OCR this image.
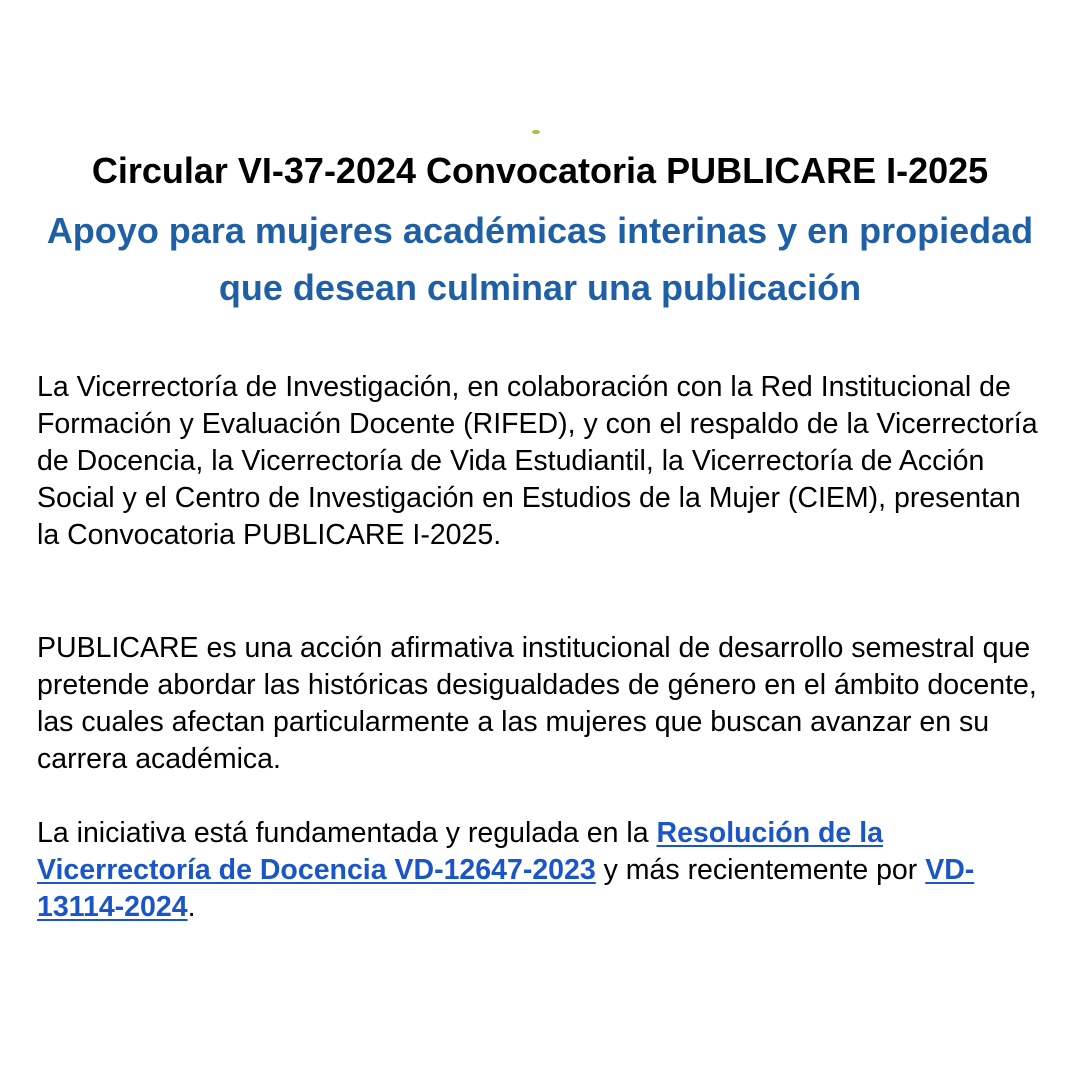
Circular VI-37-2024 Convocatoria PUBLICARE I-2025
Apoyo para mujeres académicas interinas y en propiedad que desean culminar una publicación

La Vicerrectoría de Investigación, en colaboración con la Red Institucional de Formación y Evaluación Docente (RIFED), y con el respaldo de la Vicerrectoría de Docencia, la Vicerrectoría de Vida Estudiantil, la Vicerrectoría de Acción Social y el Centro de Investigación en Estudios de la Mujer (CIEM), presentan la Convocatoria PUBLICARE I-2025.

PUBLICARE es una acción afirmativa institucional de desarrollo semestral que pretende abordar las históricas desigualdades de género en el ámbito docente, las cuales afectan particularmente a las mujeres que buscan avanzar en su carrera académica.

La iniciativa está fundamentada y regulada en la Resolución de la Vicerrectoría de Docencia VD-12647-2023 y más recientemente por VD-13114-2024.
